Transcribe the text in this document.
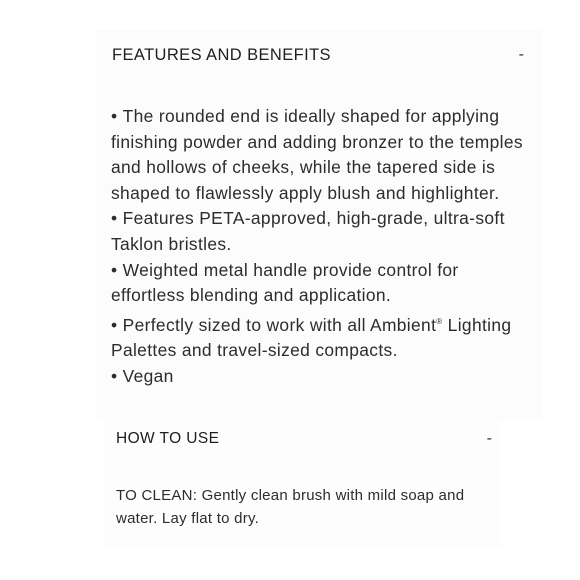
FEATURES AND BENEFITS	-
• The rounded end is ideally shaped for applying finishing powder and adding bronzer to the temples and hollows of cheeks, while the tapered side is shaped to flawlessly apply blush and highlighter.
• Features PETA-approved, high-grade, ultra-soft Taklon bristles.
• Weighted metal handle provide control for effortless blending and application.
• Perfectly sized to work with all Ambient® Lighting Palettes and travel-sized compacts.
• Vegan
HOW TO USE	-

TO CLEAN: Gently clean brush with mild soap and water. Lay flat to dry.
